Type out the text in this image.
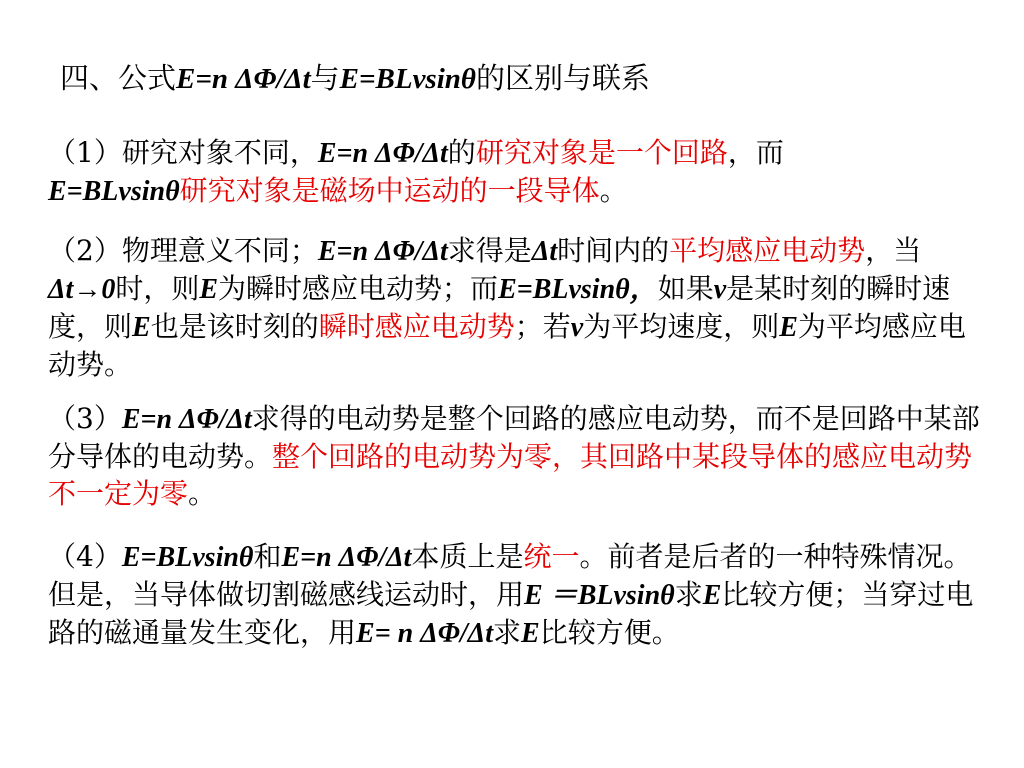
四、公式E=n ΔΦ/Δt与E=BLvsinθ的区别与联系
（1）研究对象不同，E=n ΔΦ/Δt的研究对象是一个回路，而
E=BLvsinθ研究对象是磁场中运动的一段导体。
（2）物理意义不同；E=n ΔΦ/Δt求得是Δt时间内的平均感应电动势，当Δt→0时，则E为瞬时感应电动势；而E=BLvsinθ，如果v是某时刻的瞬时速度，则E也是该时刻的瞬时感应电动势；若v为平均速度，则E为平均感应电动势。
（3）E=n ΔΦ/Δt求得的电动势是整个回路的感应电动势，而不是回路中某部分导体的电动势。整个回路的电动势为零，其回路中某段导体的感应电动势不一定为零。
（4）E=BLvsinθ和E=n ΔΦ/Δt本质上是统一。前者是后者的一种特殊情况。但是，当导体做切割磁感线运动时，用E ＝BLvsinθ求E比较方便；当穿过电路的磁通量发生变化，用E= n ΔΦ/Δt求E比较方便。
